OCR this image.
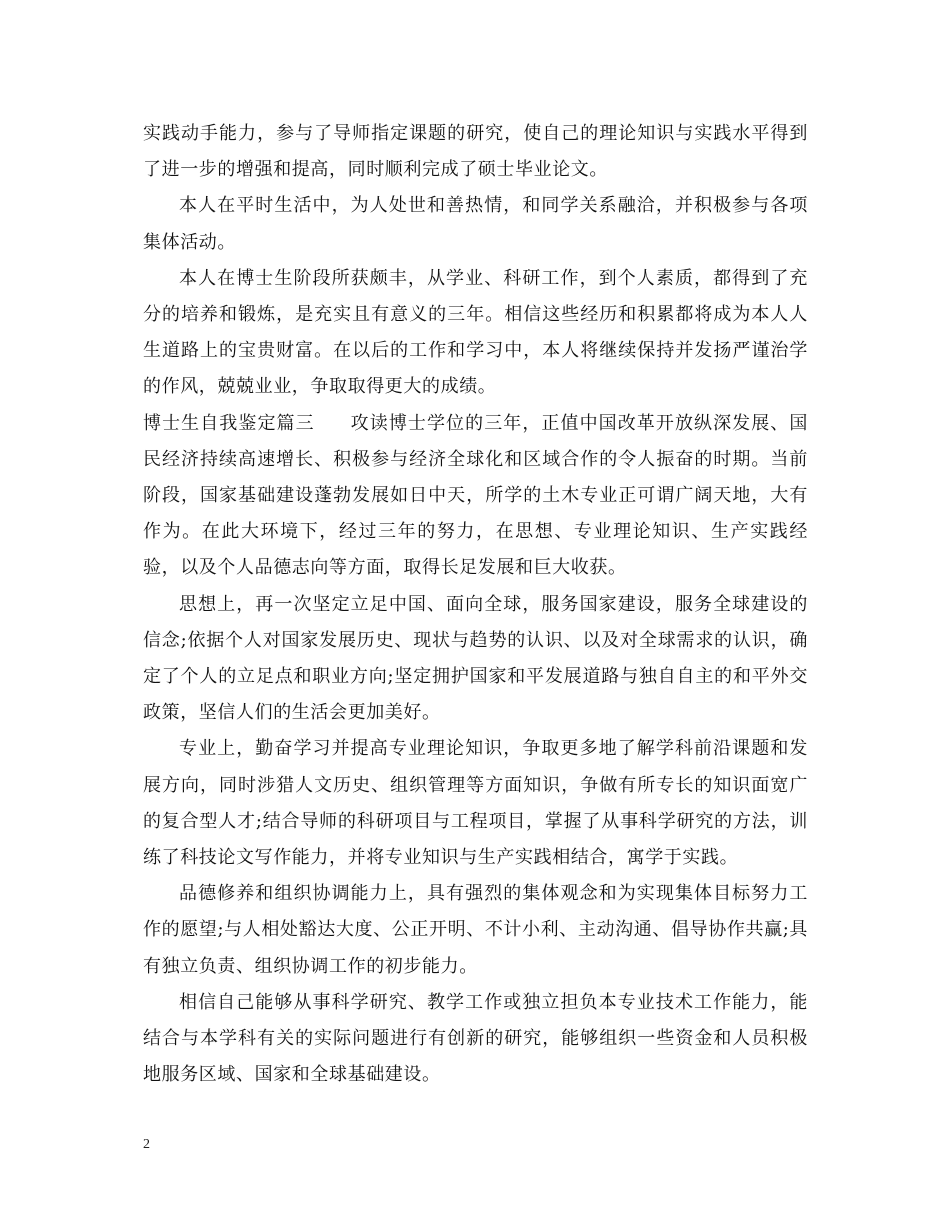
实践动手能力，参与了导师指定课题的研究，使自己的理论知识与实践水平得到了进一步的增强和提高，同时顺利完成了硕士毕业论文。

本人在平时生活中，为人处世和善热情，和同学关系融洽，并积极参与各项集体活动。

本人在博士生阶段所获颇丰，从学业、科研工作，到个人素质，都得到了充分的培养和锻炼，是充实且有意义的三年。相信这些经历和积累都将成为本人人生道路上的宝贵财富。在以后的工作和学习中，本人将继续保持并发扬严谨治学的作风，兢兢业业，争取取得更大的成绩。

博士生自我鉴定篇三 攻读博士学位的三年，正值中国改革开放纵深发展、国民经济持续高速增长、积极参与经济全球化和区域合作的令人振奋的时期。当前阶段，国家基础建设蓬勃发展如日中天，所学的土木专业正可谓广阔天地，大有作为。在此大环境下，经过三年的努力，在思想、专业理论知识、生产实践经验，以及个人品德志向等方面，取得长足发展和巨大收获。

思想上，再一次坚定立足中国、面向全球，服务国家建设，服务全球建设的信念;依据个人对国家发展历史、现状与趋势的认识、以及对全球需求的认识，确定了个人的立足点和职业方向;坚定拥护国家和平发展道路与独自自主的和平外交政策，坚信人们的生活会更加美好。

专业上，勤奋学习并提高专业理论知识，争取更多地了解学科前沿课题和发展方向，同时涉猎人文历史、组织管理等方面知识，争做有所专长的知识面宽广的复合型人才;结合导师的科研项目与工程项目，掌握了从事科学研究的方法，训练了科技论文写作能力，并将专业知识与生产实践相结合，寓学于实践。

品德修养和组织协调能力上，具有强烈的集体观念和为实现集体目标努力工作的愿望;与人相处豁达大度、公正开明、不计小利、主动沟通、倡导协作共赢;具有独立负责、组织协调工作的初步能力。

相信自己能够从事科学研究、教学工作或独立担负本专业技术工作能力，能结合与本学科有关的实际问题进行有创新的研究，能够组织一些资金和人员积极地服务区域、国家和全球基础建设。

2
